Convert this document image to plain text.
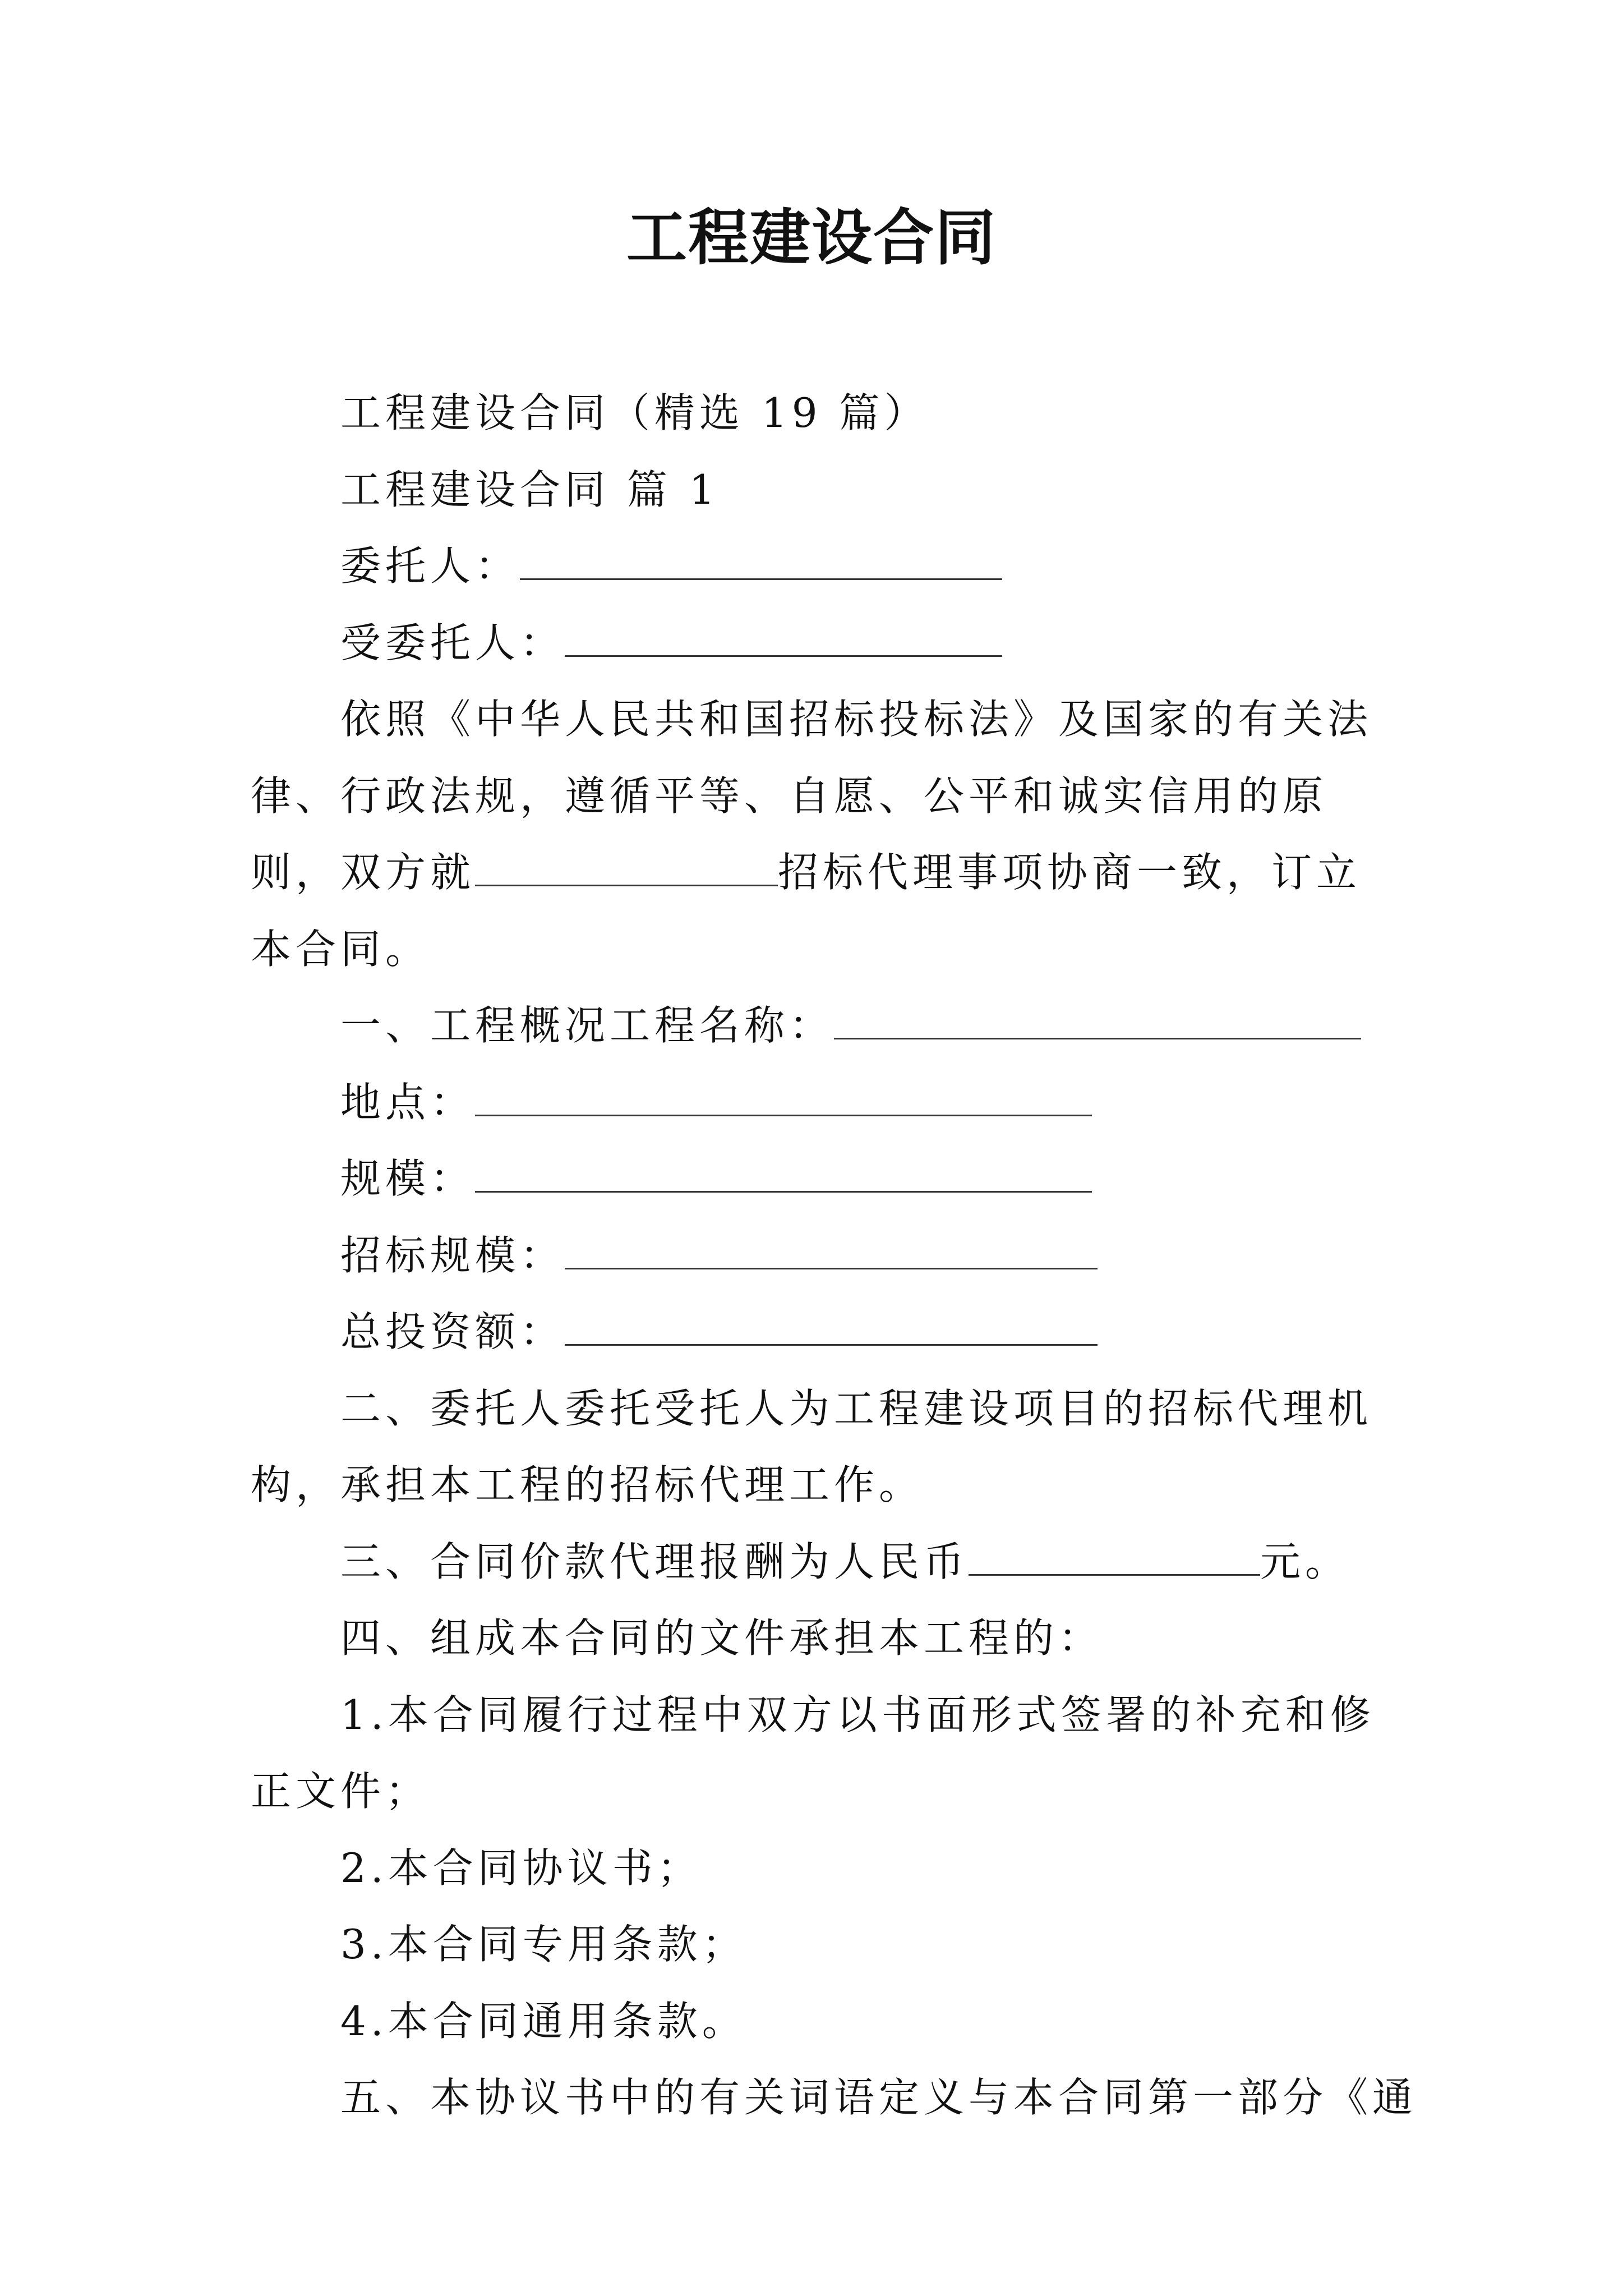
工程建设合同

工程建设合同（精选 19 篇）

工程建设合同 篇 1

委托人：

受委托人：

依照《中华人民共和国招标投标法》及国家的有关法律、行政法规，遵循平等、自愿、公平和诚实信用的原则，双方就	招标代理事项协商一致，订立本合同。

一、工程概况工程名称：

地点：

规模：

招标规模：

总投资额：

二、委托人委托受托人为工程建设项目的招标代理机构，承担本工程的招标代理工作。

三、合同价款代理报酬为人民币	元。

四、组成本合同的文件承担本工程的：

1.本合同履行过程中双方以书面形式签署的补充和修正文件；

2.本合同协议书；

3.本合同专用条款；

4.本合同通用条款。

五、本协议书中的有关词语定义与本合同第一部分《通
